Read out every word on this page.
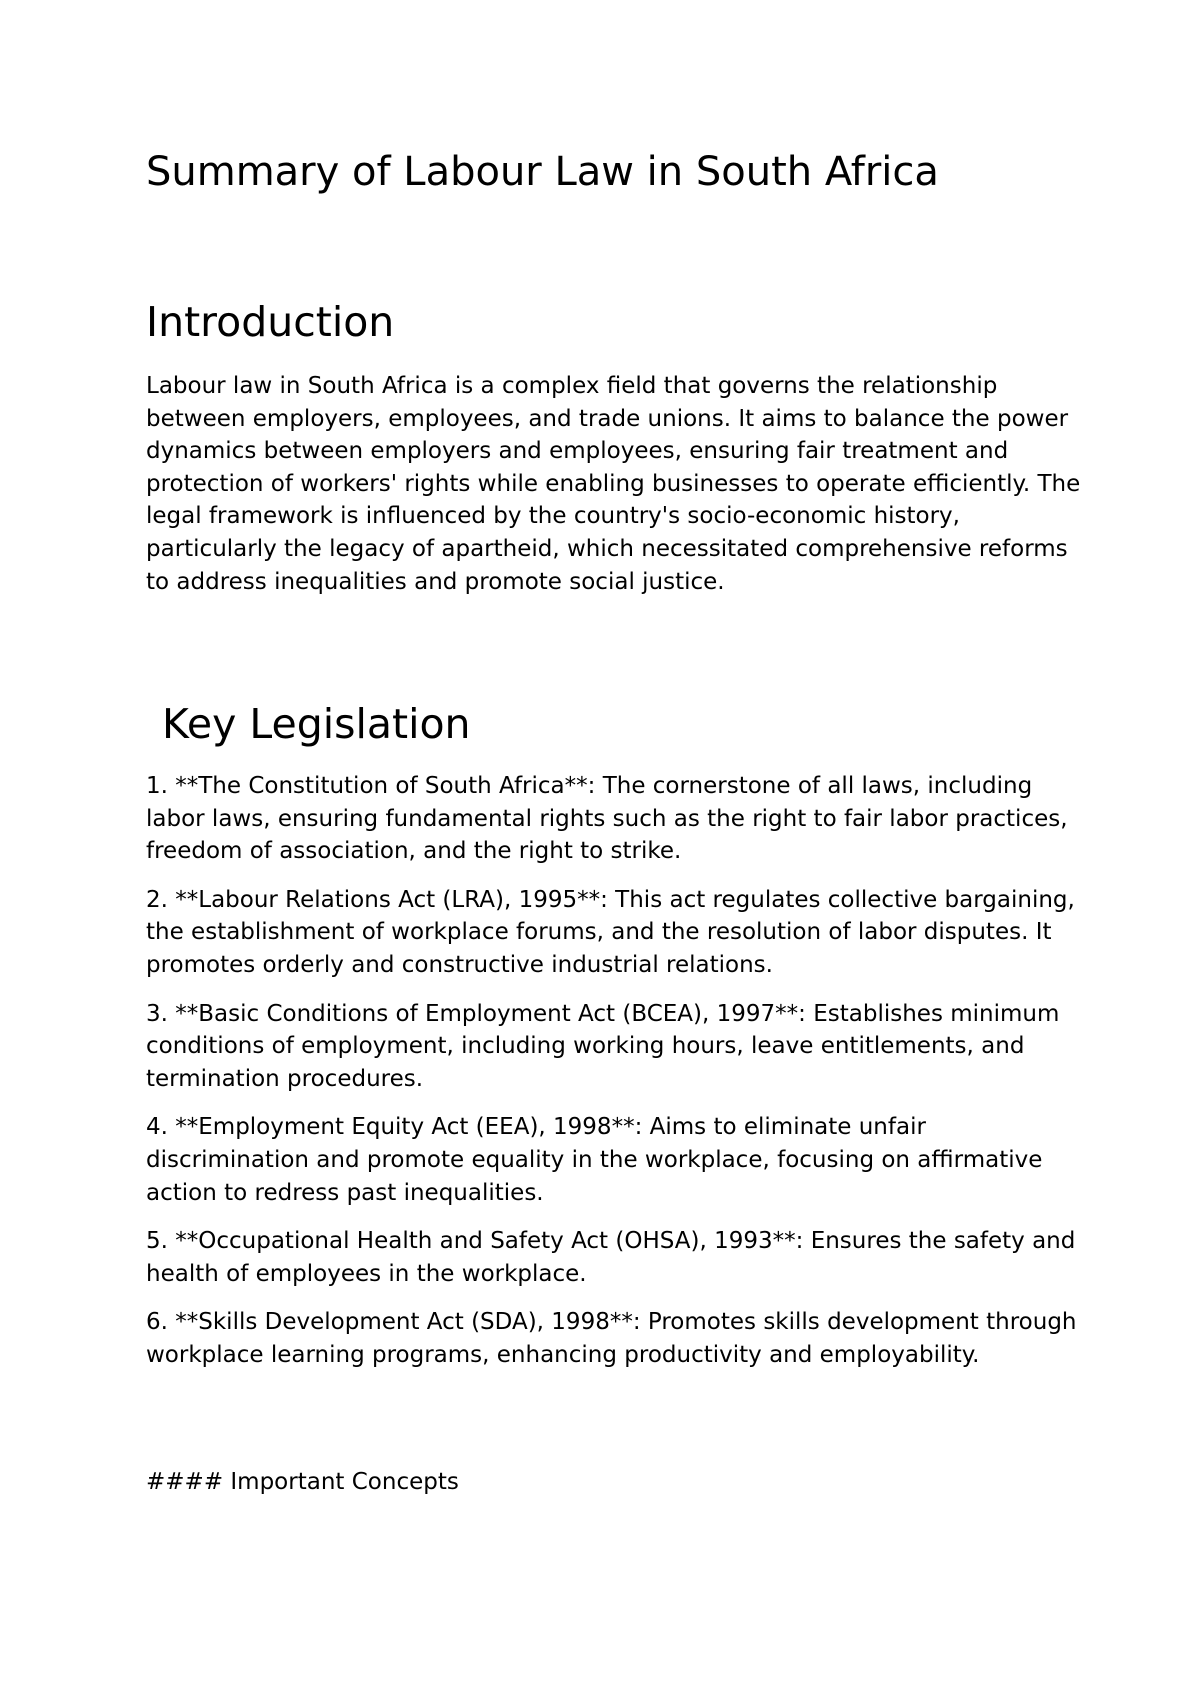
Summary of Labour Law in South Africa
Introduction

Labour law in South Africa is a complex field that governs the relationship between employers, employees, and trade unions. It aims to balance the power dynamics between employers and employees, ensuring fair treatment and protection of workers' rights while enabling businesses to operate efficiently. The legal framework is influenced by the country's socio-economic history, particularly the legacy of apartheid, which necessitated comprehensive reforms to address inequalities and promote social justice.

Key Legislation
1. **The Constitution of South Africa**: The cornerstone of all laws, including labor laws, ensuring fundamental rights such as the right to fair labor practices, freedom of association, and the right to strike.
2. **Labour Relations Act (LRA), 1995**: This act regulates collective bargaining, the establishment of workplace forums, and the resolution of labor disputes. It promotes orderly and constructive industrial relations.
3. **Basic Conditions of Employment Act (BCEA), 1997**: Establishes minimum conditions of employment, including working hours, leave entitlements, and termination procedures.
4. **Employment Equity Act (EEA), 1998**: Aims to eliminate unfair discrimination and promote equality in the workplace, focusing on affirmative action to redress past inequalities.
5. **Occupational Health and Safety Act (OHSA), 1993**: Ensures the safety and health of employees in the workplace.
6. **Skills Development Act (SDA), 1998**: Promotes skills development through workplace learning programs, enhancing productivity and employability.

#### Important Concepts
